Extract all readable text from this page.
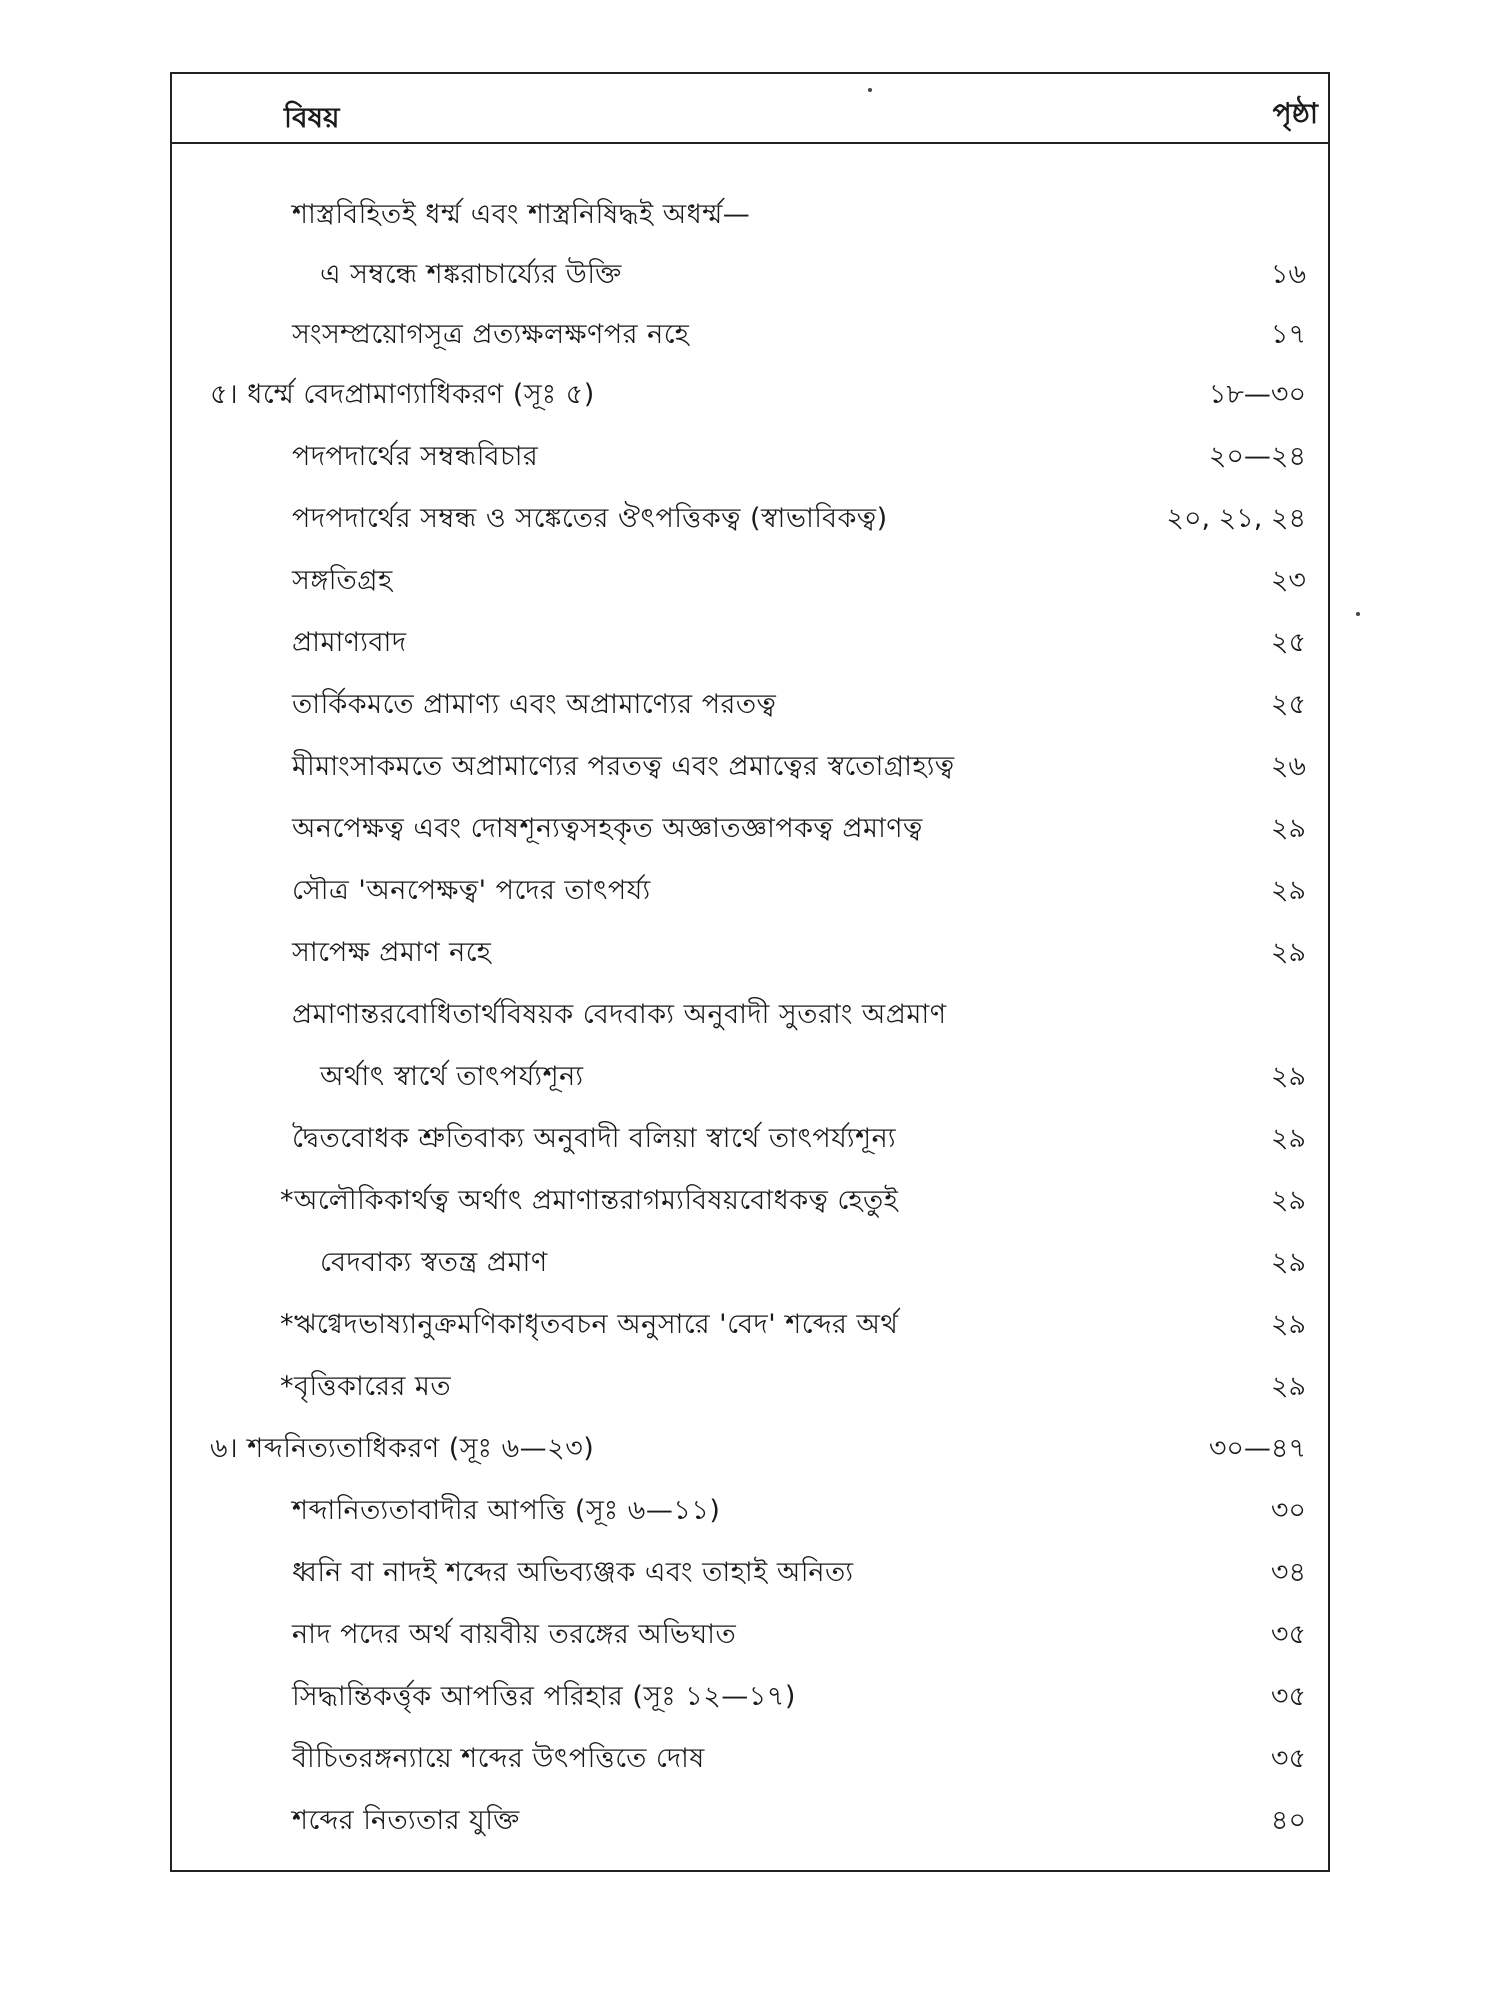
বিষয়	পৃষ্ঠা
শাস্ত্রবিহিতই ধর্ম্ম এবং শাস্ত্রনিষিদ্ধই অধর্ম্ম—
এ সম্বন্ধে শঙ্করাচার্য্যের উক্তি	১৬
সংসম্প্রয়োগসূত্র প্রত্যক্ষলক্ষণপর নহে	১৭
৫। ধর্ম্মে বেদপ্রামাণ্যাধিকরণ (সূঃ ৫)	১৮—৩০
পদপদার্থের সম্বন্ধবিচার	২০—২৪
পদপদার্থের সম্বন্ধ ও সঙ্কেতের ঔৎপত্তিকত্ব (স্বাভাবিকত্ব)	২০, ২১, ২৪
সঙ্গতিগ্রহ	২৩
প্রামাণ্যবাদ	২৫
তার্কিকমতে প্রামাণ্য এবং অপ্রামাণ্যের পরতত্ব	২৫
মীমাংসাকমতে অপ্রামাণ্যের পরতত্ব এবং প্রমাত্বের স্বতোগ্রাহ্যত্ব	২৬
অনপেক্ষত্ব এবং দোষশূন্যত্বসহকৃত অজ্ঞাতজ্ঞাপকত্ব প্রমাণত্ব	২৯
সৌত্র 'অনপেক্ষত্ব' পদের তাৎপর্য্য	২৯
সাপেক্ষ প্রমাণ নহে	২৯
প্রমাণান্তরবোধিতার্থবিষয়ক বেদবাক্য অনুবাদী সুতরাং অপ্রমাণ
অর্থাৎ স্বার্থে তাৎপর্য্যশূন্য	২৯
দ্বৈতবোধক শ্রুতিবাক্য অনুবাদী বলিয়া স্বার্থে তাৎপর্য্যশূন্য	২৯
*অলৌকিকার্থত্ব অর্থাৎ প্রমাণান্তরাগম্যবিষয়বোধকত্ব হেতুই	২৯
বেদবাক্য স্বতন্ত্র প্রমাণ	২৯
*ঋগ্বেদভাষ্যানুক্রমণিকাধৃতবচন অনুসারে 'বেদ' শব্দের অর্থ	২৯
*বৃত্তিকারের মত	২৯
৬। শব্দনিত্যতাধিকরণ (সূঃ ৬—২৩)	৩০—৪৭
শব্দানিত্যতাবাদীর আপত্তি (সূঃ ৬—১১)	৩০
ধ্বনি বা নাদই শব্দের অভিব্যঞ্জক এবং তাহাই অনিত্য	৩৪
নাদ পদের অর্থ বায়বীয় তরঙ্গের অভিঘাত	৩৫
সিদ্ধান্তিকর্ত্তৃক আপত্তির পরিহার (সূঃ ১২—১৭)	৩৫
বীচিতরঙ্গন্যায়ে শব্দের উৎপত্তিতে দোষ	৩৫
শব্দের নিত্যতার যুক্তি	৪০
